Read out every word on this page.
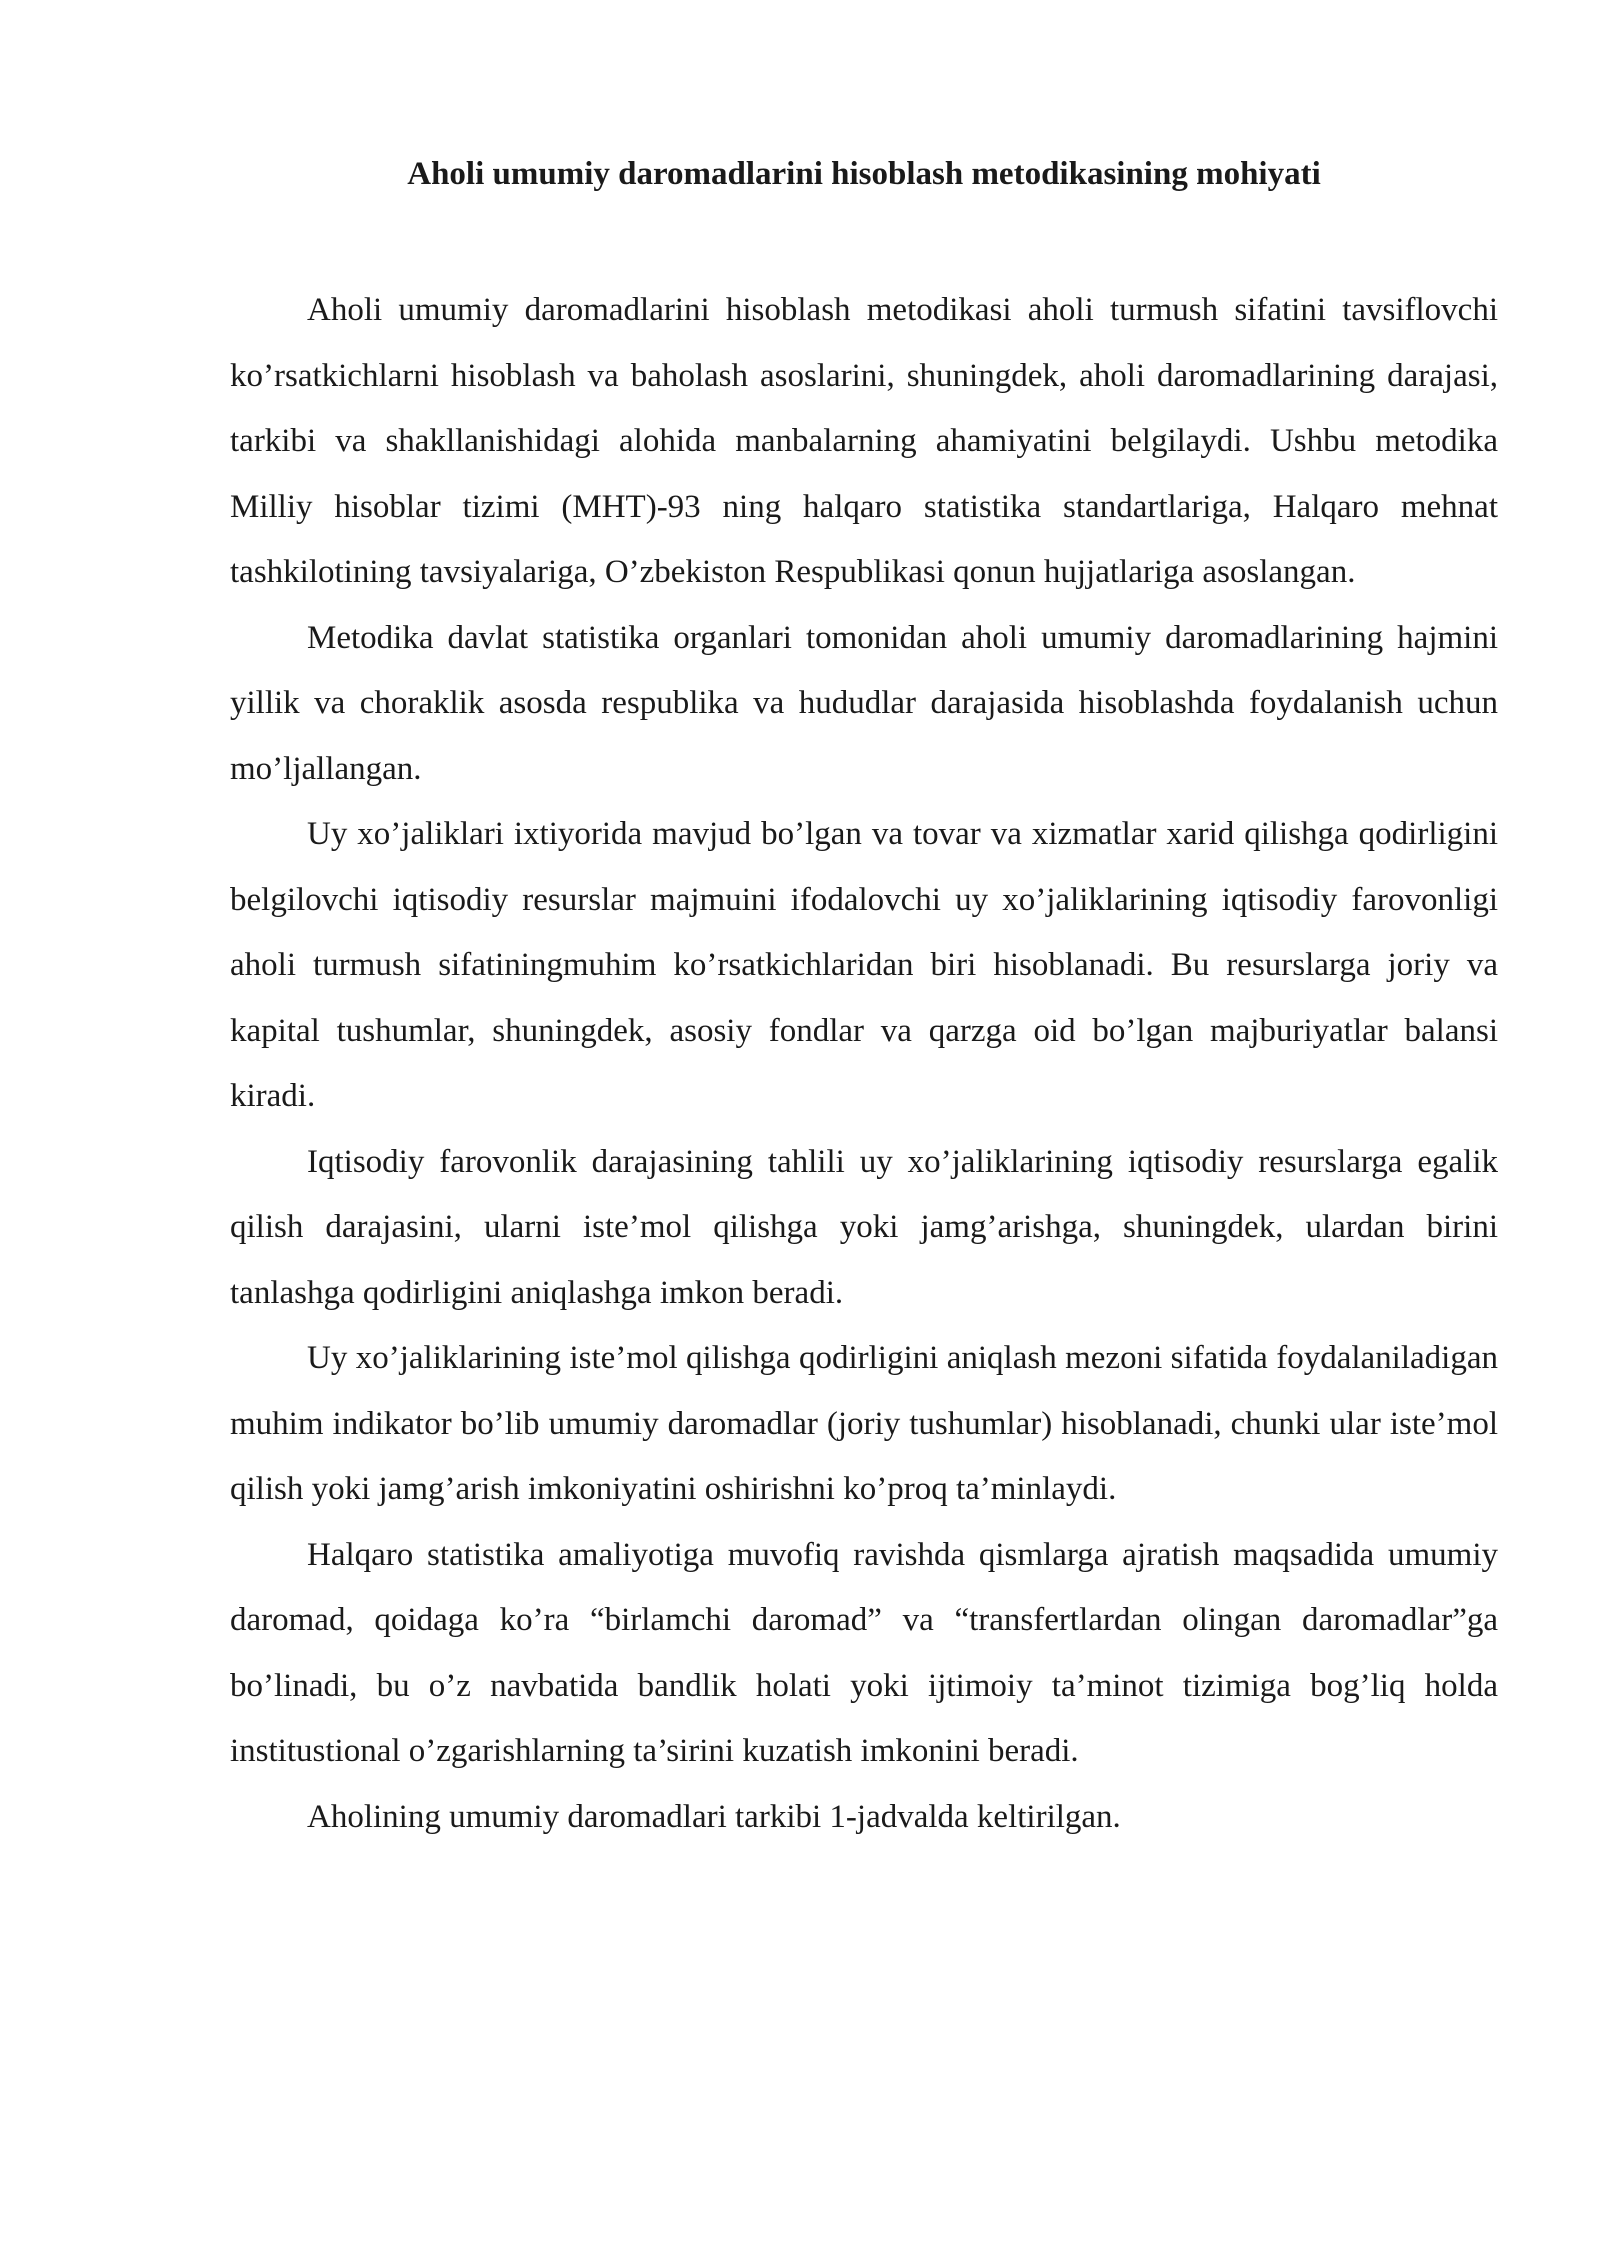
Aholi umumiy daromadlarini hisoblash metodikasining mohiyati

Aholi umumiy daromadlarini hisoblash metodikasi aholi turmush sifatini tavsiflovchi ko’rsatkichlarni hisoblash va baholash asoslarini, shuningdek, aholi daromadlarining darajasi, tarkibi va shakllanishidagi alohida manbalarning ahamiyatini belgilaydi. Ushbu metodika Milliy hisoblar tizimi (MHT)-93 ning halqaro statistika standartlariga, Halqaro mehnat tashkilotining tavsiyalariga, O’zbekiston Respublikasi qonun hujjatlariga asoslangan.

Metodika davlat statistika organlari tomonidan aholi umumiy daromadlarining hajmini yillik va choraklik asosda respublika va hududlar darajasida hisoblashda foydalanish uchun mo’ljallangan.

Uy xo’jaliklari ixtiyorida mavjud bo’lgan va tovar va xizmatlar xarid qilishga qodirligini belgilovchi iqtisodiy resurslar majmuini ifodalovchi uy xo’jaliklarining iqtisodiy farovonligi aholi turmush sifatiningmuhim ko’rsatkichlaridan biri hisoblanadi. Bu resurslarga joriy va kapital tushumlar, shuningdek, asosiy fondlar va qarzga oid bo’lgan majburiyatlar balansi kiradi.

Iqtisodiy farovonlik darajasining tahlili uy xo’jaliklarining iqtisodiy resurslarga egalik qilish darajasini, ularni iste’mol qilishga yoki jamg’arishga, shuningdek, ulardan birini tanlashga qodirligini aniqlashga imkon beradi.

Uy xo’jaliklarining iste’mol qilishga qodirligini aniqlash mezoni sifatida foydalaniladigan muhim indikator bo’lib umumiy daromadlar (joriy tushumlar) hisoblanadi, chunki ular iste’mol qilish yoki jamg’arish imkoniyatini oshirishni ko’proq ta’minlaydi.

Halqaro statistika amaliyotiga muvofiq ravishda qismlarga ajratish maqsadida umumiy daromad, qoidaga ko’ra “birlamchi daromad” va “transfertlardan olingan daromadlar”ga bo’linadi, bu o’z navbatida bandlik holati yoki ijtimoiy ta’minot tizimiga bog’liq holda institustional o’zgarishlarning ta’sirini kuzatish imkonini beradi.

Aholining umumiy daromadlari tarkibi 1-jadvalda keltirilgan.
